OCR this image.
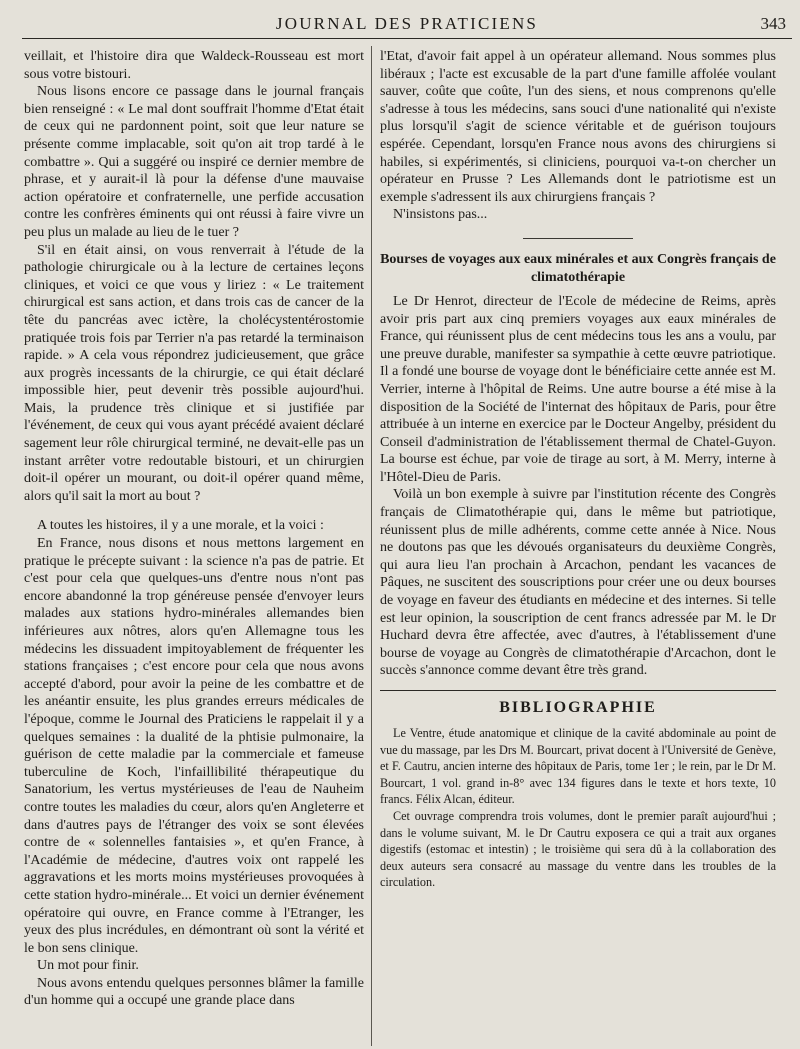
JOURNAL DES PRATICIENS	343

veillait, et l'histoire dira que Waldeck-Rousseau est mort sous votre bistouri.

Nous lisons encore ce passage dans le journal français bien renseigné : « Le mal dont souffrait l'homme d'Etat était de ceux qui ne pardonnent point, soit que leur nature se présente comme implacable, soit qu'on ait trop tardé à le combattre ». Qui a suggéré ou inspiré ce dernier membre de phrase, et y aurait-il là pour la défense d'une mauvaise action opératoire et confraternelle, une perfide accusation contre les confrères éminents qui ont réussi à faire vivre un peu plus un malade au lieu de le tuer ?

S'il en était ainsi, on vous renverrait à l'étude de la pathologie chirurgicale ou à la lecture de certaines leçons cliniques, et voici ce que vous y liriez : « Le traitement chirurgical est sans action, et dans trois cas de cancer de la tête du pancréas avec ictère, la cholécystentérostomie pratiquée trois fois par Terrier n'a pas retardé la terminaison rapide. » A cela vous répondrez judicieusement, que grâce aux progrès incessants de la chirurgie, ce qui était déclaré impossible hier, peut devenir très possible aujourd'hui. Mais, la prudence très clinique et si justifiée par l'événement, de ceux qui vous ayant précédé avaient déclaré sagement leur rôle chirurgical terminé, ne devait-elle pas un instant arrêter votre redoutable bistouri, et un chirurgien doit-il opérer un mourant, ou doit-il opérer quand même, alors qu'il sait la mort au bout ?

A toutes les histoires, il y a une morale, et la voici :

En France, nous disons et nous mettons largement en pratique le précepte suivant : la science n'a pas de patrie. Et c'est pour cela que quelques-uns d'entre nous n'ont pas encore abandonné la trop généreuse pensée d'envoyer leurs malades aux stations hydro-minérales allemandes bien inférieures aux nôtres, alors qu'en Allemagne tous les médecins les dissuadent impitoyablement de fréquenter les stations françaises ; c'est encore pour cela que nous avons accepté d'abord, pour avoir la peine de les combattre et de les anéantir ensuite, les plus grandes erreurs médicales de l'époque, comme le Journal des Praticiens le rappelait il y a quelques semaines : la dualité de la phtisie pulmonaire, la guérison de cette maladie par la commerciale et fameuse tuberculine de Koch, l'infaillibilité thérapeutique du Sanatorium, les vertus mystérieuses de l'eau de Nauheim contre toutes les maladies du cœur, alors qu'en Angleterre et dans d'autres pays de l'étranger des voix se sont élevées contre de « solennelles fantaisies », et qu'en France, à l'Académie de médecine, d'autres voix ont rappelé les aggravations et les morts moins mystérieuses provoquées à cette station hydro-minérale... Et voici un dernier événement opératoire qui ouvre, en France comme à l'Etranger, les yeux des plus incrédules, en démontrant où sont la vérité et le bon sens clinique.

Un mot pour finir.

Nous avons entendu quelques personnes blâmer la famille d'un homme qui a occupé une grande place dans

l'Etat, d'avoir fait appel à un opérateur allemand. Nous sommes plus libéraux ; l'acte est excusable de la part d'une famille affolée voulant sauver, coûte que coûte, l'un des siens, et nous comprenons qu'elle s'adresse à tous les médecins, sans souci d'une nationalité qui n'existe plus lorsqu'il s'agit de science véritable et de guérison toujours espérée. Cependant, lorsqu'en France nous avons des chirurgiens si habiles, si expérimentés, si cliniciens, pourquoi va-t-on chercher un opérateur en Prusse ? Les Allemands dont le patriotisme est un exemple s'adressent ils aux chirurgiens français ?

N'insistons pas...

Bourses de voyages aux eaux minérales et aux Congrès français de climatothérapie

Le Dr Henrot, directeur de l'Ecole de médecine de Reims, après avoir pris part aux cinq premiers voyages aux eaux minérales de France, qui réunissent plus de cent médecins tous les ans a voulu, par une preuve durable, manifester sa sympathie à cette œuvre patriotique. Il a fondé une bourse de voyage dont le bénéficiaire cette année est M. Verrier, interne à l'hôpital de Reims. Une autre bourse a été mise à la disposition de la Société de l'internat des hôpitaux de Paris, pour être attribuée à un interne en exercice par le Docteur Angelby, président du Conseil d'administration de l'établissement thermal de Chatel-Guyon. La bourse est échue, par voie de tirage au sort, à M. Merry, interne à l'Hôtel-Dieu de Paris.

Voilà un bon exemple à suivre par l'institution récente des Congrès français de Climatothérapie qui, dans le même but patriotique, réunissent plus de mille adhérents, comme cette année à Nice. Nous ne doutons pas que les dévoués organisateurs du deuxième Congrès, qui aura lieu l'an prochain à Arcachon, pendant les vacances de Pâques, ne suscitent des souscriptions pour créer une ou deux bourses de voyage en faveur des étudiants en médecine et des internes. Si telle est leur opinion, la souscription de cent francs adressée par M. le Dr Huchard devra être affectée, avec d'autres, à l'établissement d'une bourse de voyage au Congrès de climatothérapie d'Arcachon, dont le succès s'annonce comme devant être très grand.

BIBLIOGRAPHIE

Le Ventre, étude anatomique et clinique de la cavité abdominale au point de vue du massage, par les Drs M. Bourcart, privat docent à l'Université de Genève, et F. Cautru, ancien interne des hôpitaux de Paris, tome 1er ; le rein, par le Dr M. Bourcart, 1 vol. grand in-8° avec 134 figures dans le texte et hors texte, 10 francs. Félix Alcan, éditeur.

Cet ouvrage comprendra trois volumes, dont le premier paraît aujourd'hui ; dans le volume suivant, M. le Dr Cautru exposera ce qui a trait aux organes digestifs (estomac et intestin) ; le troisième qui sera dû à la collaboration des deux auteurs sera consacré au massage du ventre dans les troubles de la circulation.
